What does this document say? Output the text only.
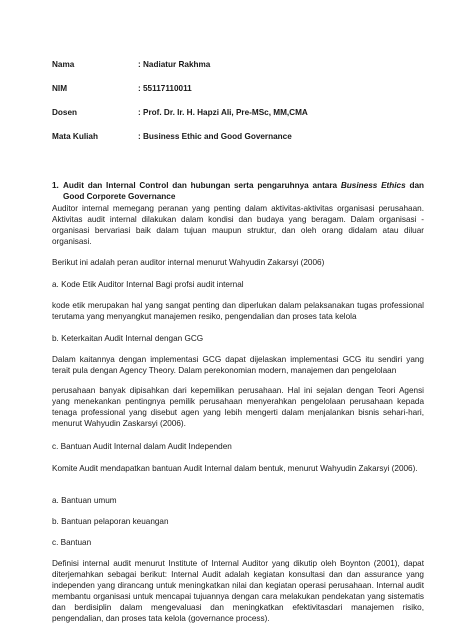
Nama	: Nadiatur Rakhma
NIM	: 55117110011
Dosen	: Prof. Dr. Ir. H. Hapzi Ali, Pre-MSc, MM,CMA
Mata Kuliah	: Business Ethic and Good Governance
1. Audit dan Internal Control dan hubungan serta pengaruhnya antara Business Ethics dan Good Corporete Governance

Auditor internal memegang peranan yang penting dalam aktivitas-aktivitas organisasi perusahaan. Aktivitas audit internal dilakukan dalam kondisi dan budaya yang beragam. Dalam organisasi -organisasi bervariasi baik dalam tujuan maupun struktur, dan oleh orang didalam atau diluar organisasi.

Berikut ini adalah peran auditor internal menurut Wahyudin Zakarsyi (2006)

a. Kode Etik Auditor Internal Bagi profsi audit internal

kode etik merupakan hal yang sangat penting dan diperlukan dalam pelaksanakan tugas professional terutama yang menyangkut manajemen resiko, pengendalian dan proses tata kelola

b. Keterkaitan Audit Internal dengan GCG

Dalam kaitannya dengan implementasi GCG dapat dijelaskan implementasi GCG itu sendiri yang terait pula dengan Agency Theory. Dalam perekonomian modern, manajemen dan pengelolaan

perusahaan banyak dipisahkan dari kepemilikan perusahaan. Hal ini sejalan dengan Teori Agensi yang menekankan pentingnya pemilik perusahaan menyerahkan pengelolaan perusahaan kepada tenaga professional yang disebut agen yang lebih mengerti dalam menjalankan bisnis sehari-hari, menurut Wahyudin Zaskarsyi (2006).

c. Bantuan Audit Internal dalam Audit Independen

Komite Audit mendapatkan bantuan Audit Internal dalam bentuk, menurut Wahyudin Zakarsyi (2006).

a. Bantuan umum

b. Bantuan pelaporan keuangan

c. Bantuan

Definisi internal audit menurut Institute of Internal Auditor yang dikutip oleh Boynton (2001), dapat diterjemahkan sebagai berikut: Internal Audit adalah kegiatan konsultasi dan dan assurance yang independen yang dirancang untuk meningkatkan nilai dan kegiatan operasi perusahaan. Internal audit membantu organisasi untuk mencapai tujuannya dengan cara melakukan pendekatan yang sistematis dan berdisiplin dalam mengevaluasi dan meningkatkan efektivitasdari manajemen risiko, pengendalian, dan proses tata kelola (governance process).
